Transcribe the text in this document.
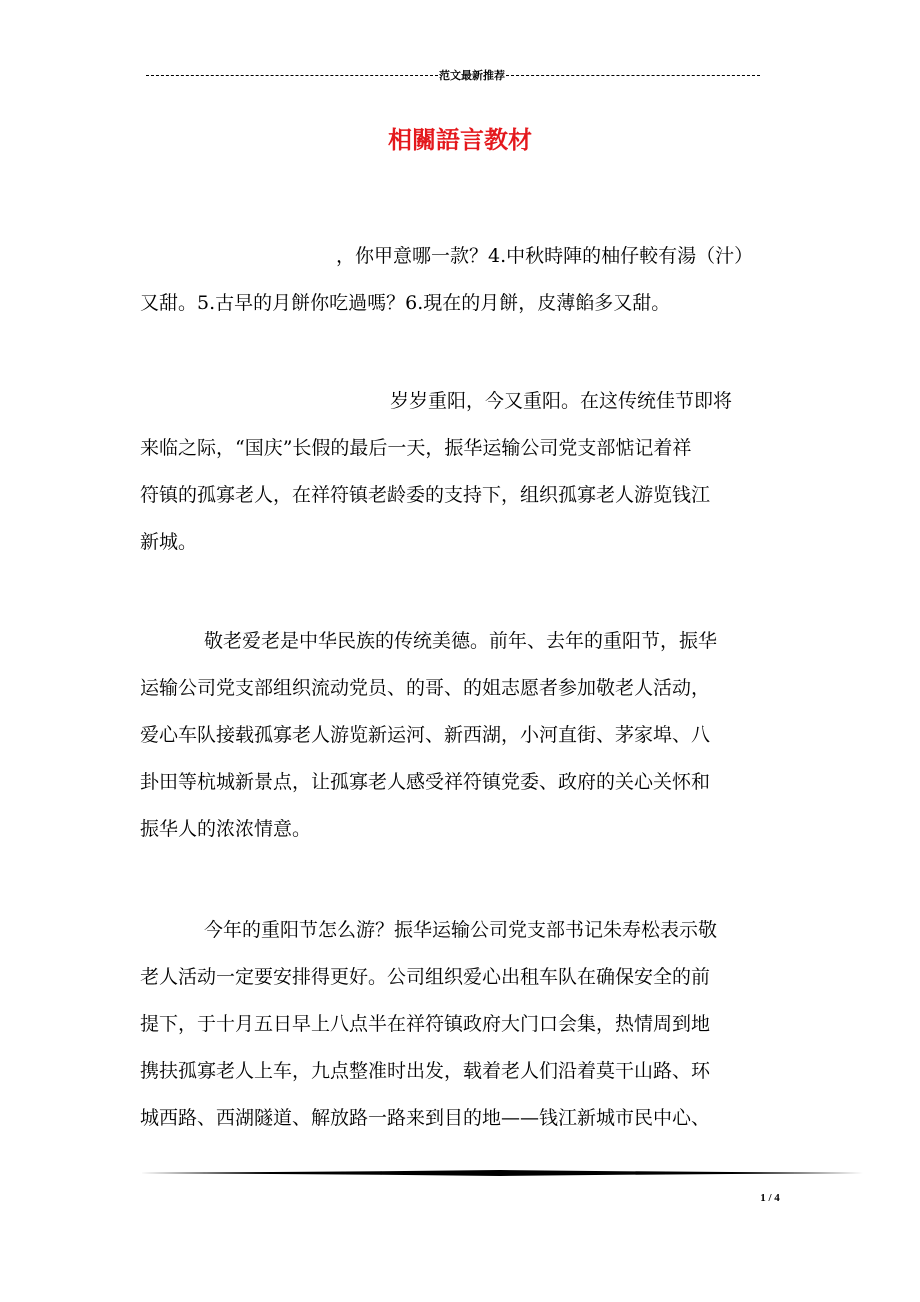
范文最新推荐
相關語言教材
，你甲意哪一款？4.中秋時陣的柚仔較有湯（汁）
又甜。5.古早的月餅你吃過嗎？6.現在的月餅，皮薄餡多又甜。
岁岁重阳，今又重阳。在这传统佳节即将
来临之际，“国庆”长假的最后一天，振华运输公司党支部惦记着祥
符镇的孤寡老人，在祥符镇老龄委的支持下，组织孤寡老人游览钱江
新城。
敬老爱老是中华民族的传统美德。前年、去年的重阳节，振华
运输公司党支部组织流动党员、的哥、的姐志愿者参加敬老人活动，
爱心车队接载孤寡老人游览新运河、新西湖，小河直街、茅家埠、八
卦田等杭城新景点，让孤寡老人感受祥符镇党委、政府的关心关怀和
振华人的浓浓情意。
今年的重阳节怎么游？振华运输公司党支部书记朱寿松表示敬
老人活动一定要安排得更好。公司组织爱心出租车队在确保安全的前
提下，于十月五日早上八点半在祥符镇政府大门口会集，热情周到地
携扶孤寡老人上车，九点整准时出发，载着老人们沿着莫干山路、环
城西路、西湖隧道、解放路一路来到目的地——钱江新城市民中心、
1 / 4
